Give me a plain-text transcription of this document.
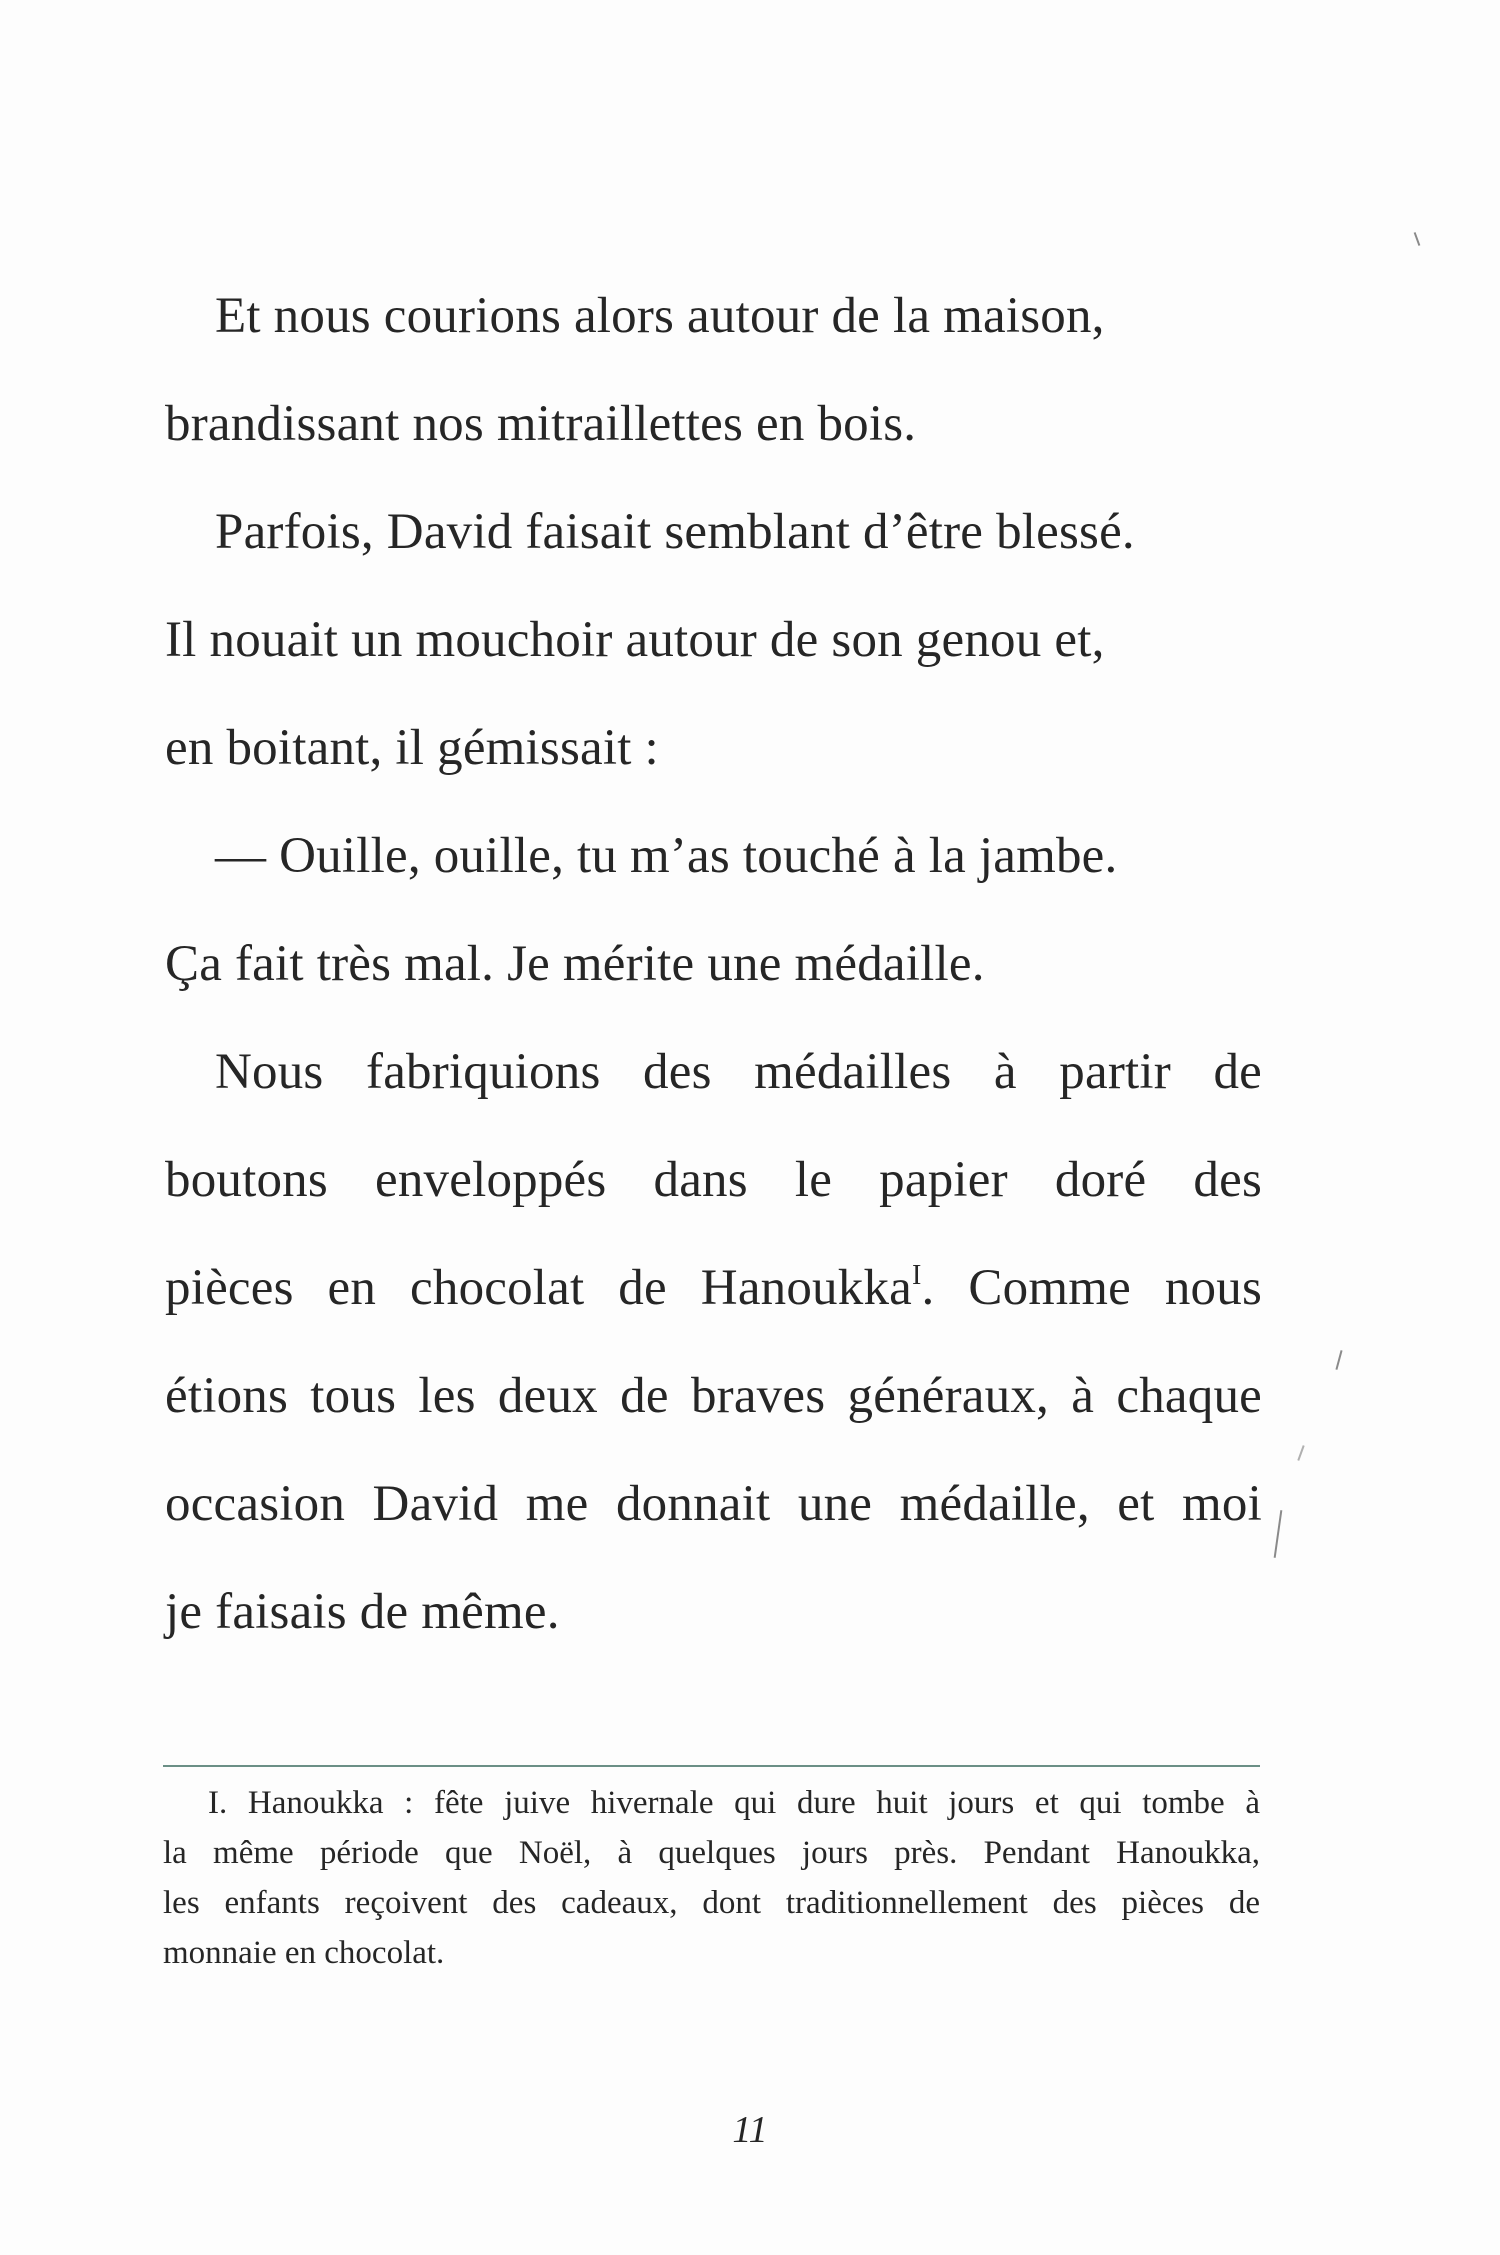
Et nous courions alors autour de la maison,
brandissant nos mitraillettes en bois.
Parfois, David faisait semblant d’être blessé.
Il nouait un mouchoir autour de son genou et,
en boitant, il gémissait :
— Ouille, ouille, tu m’as touché à la jambe.
Ça fait très mal. Je mérite une médaille.
Nous fabriquions des médailles à partir de
boutons enveloppés dans le papier doré des
pièces en chocolat de Hanoukka$^I$. Comme nous
étions tous les deux de braves généraux, à chaque
occasion David me donnait une médaille, et moi
je faisais de même.
I. Hanoukka : fête juive hivernale qui dure huit jours et qui tombe à
la même période que Noël, à quelques jours près. Pendant Hanoukka,
les enfants reçoivent des cadeaux, dont traditionnellement des pièces de
monnaie en chocolat.
11
